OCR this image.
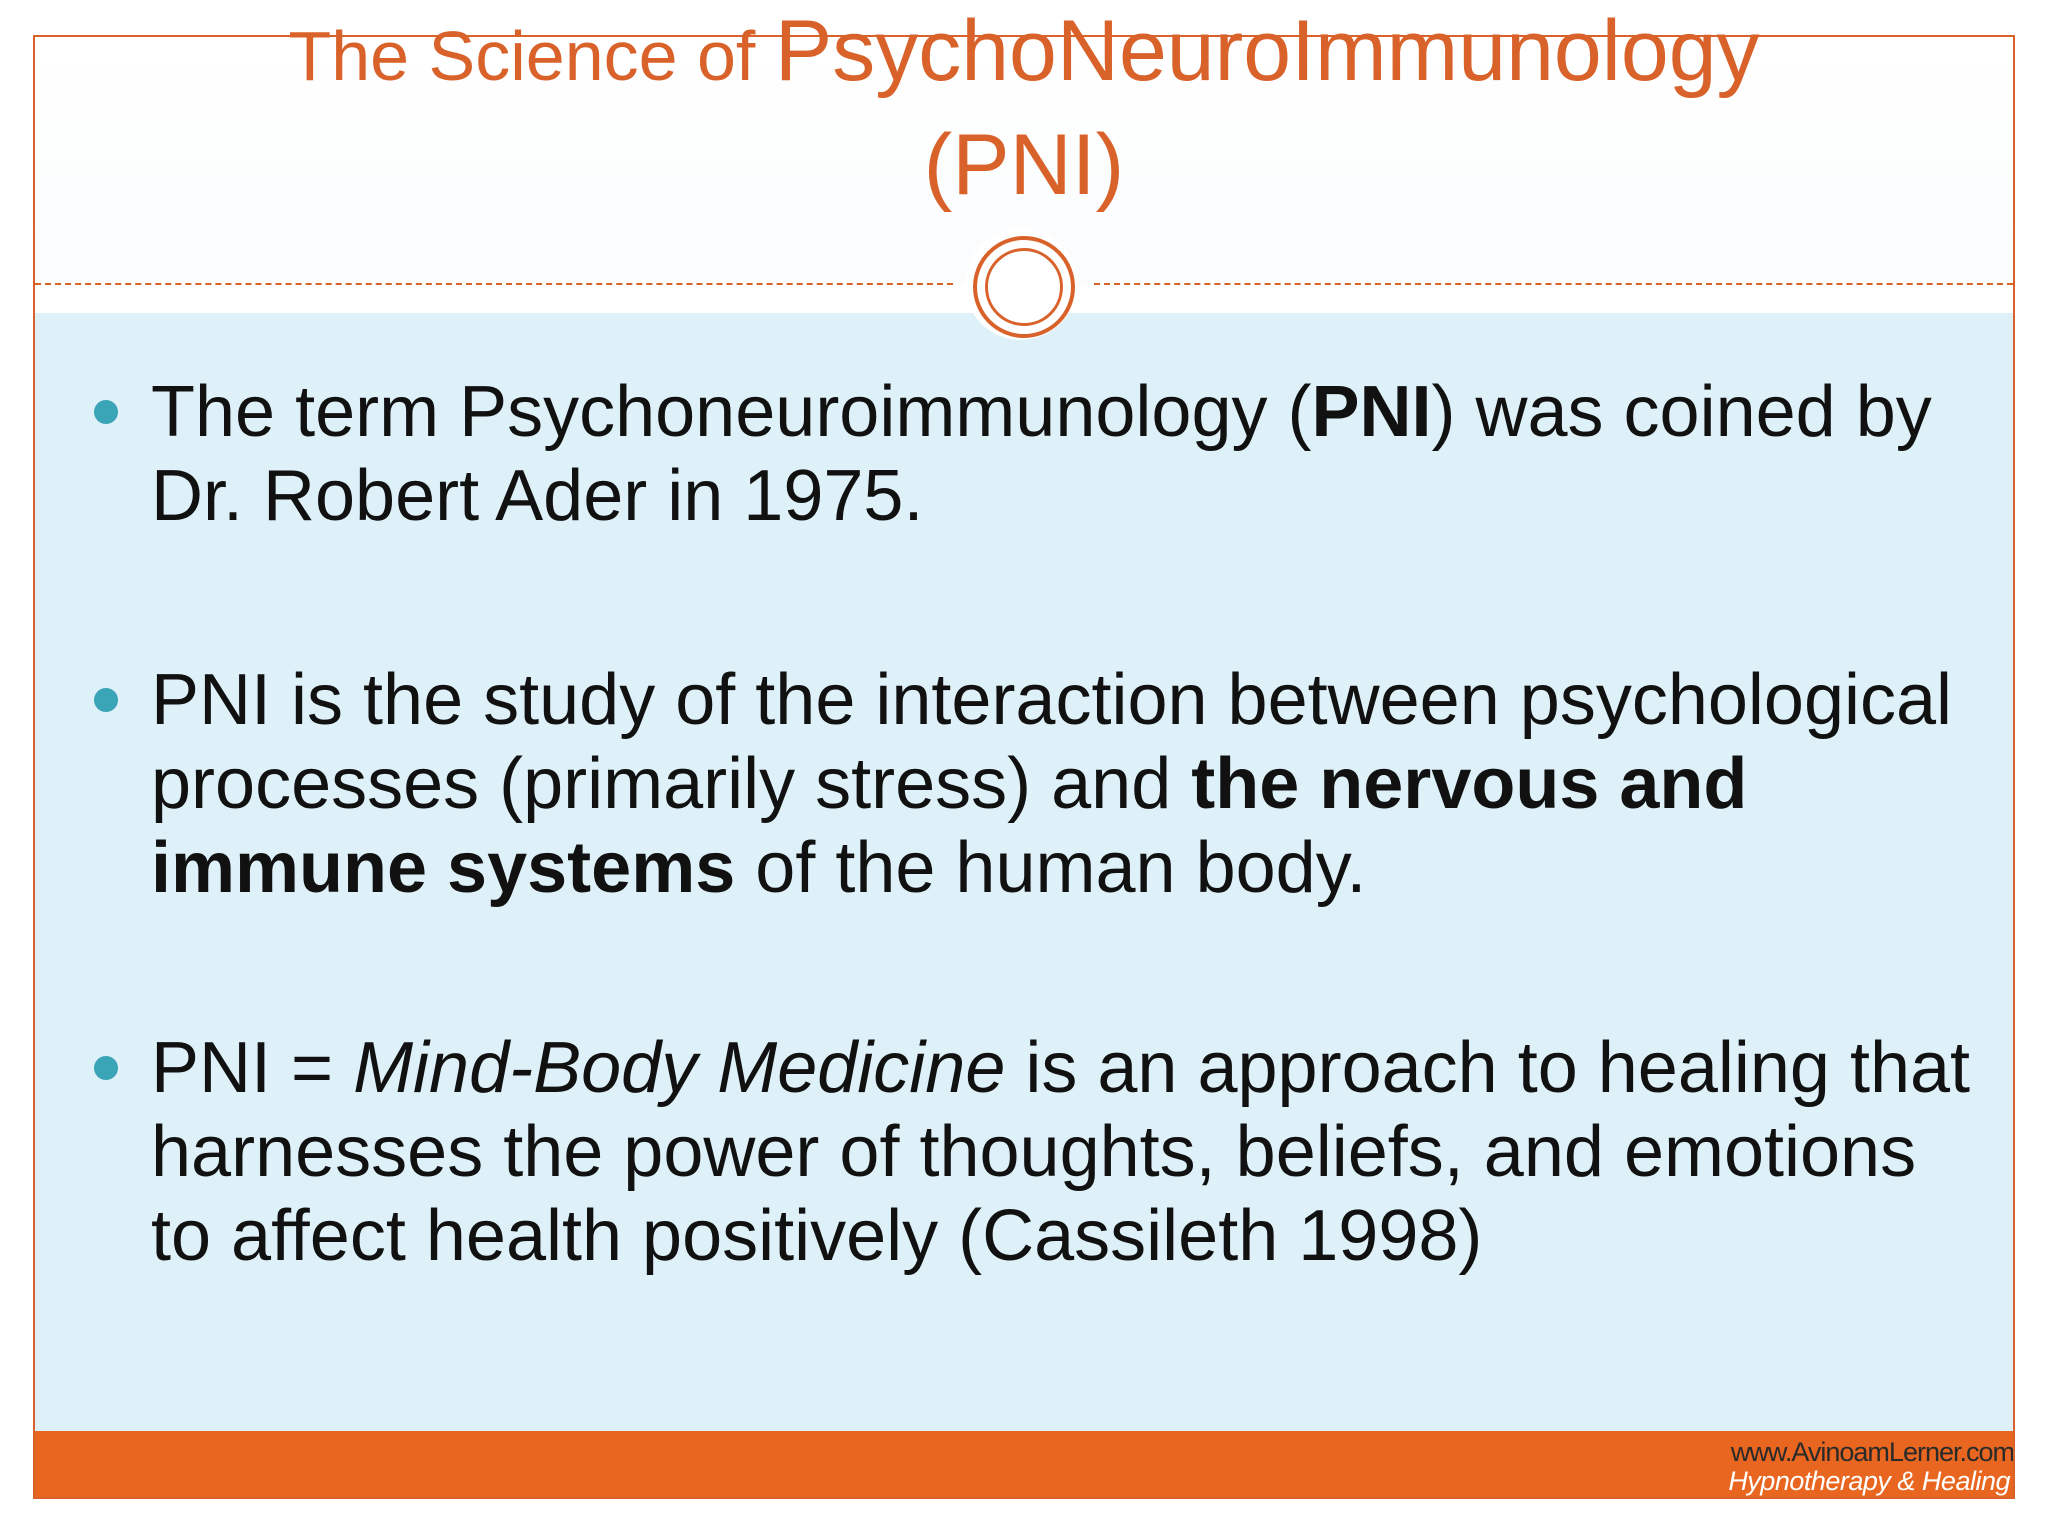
The term Psychoneuroimmunology (PNI) was coined by Dr. Robert Ader in 1975.
PNI is the study of the interaction between psychological processes (primarily stress) and the nervous and immune systems of the human body.
PNI = Mind-Body Medicine is an approach to healing that harnesses the power of thoughts, beliefs, and emotions to affect health positively (Cassileth 1998)
www.AvinoamLerner.com
Hypnotherapy & Healing
The Science of PsychoNeuroImmunology
(PNI)
